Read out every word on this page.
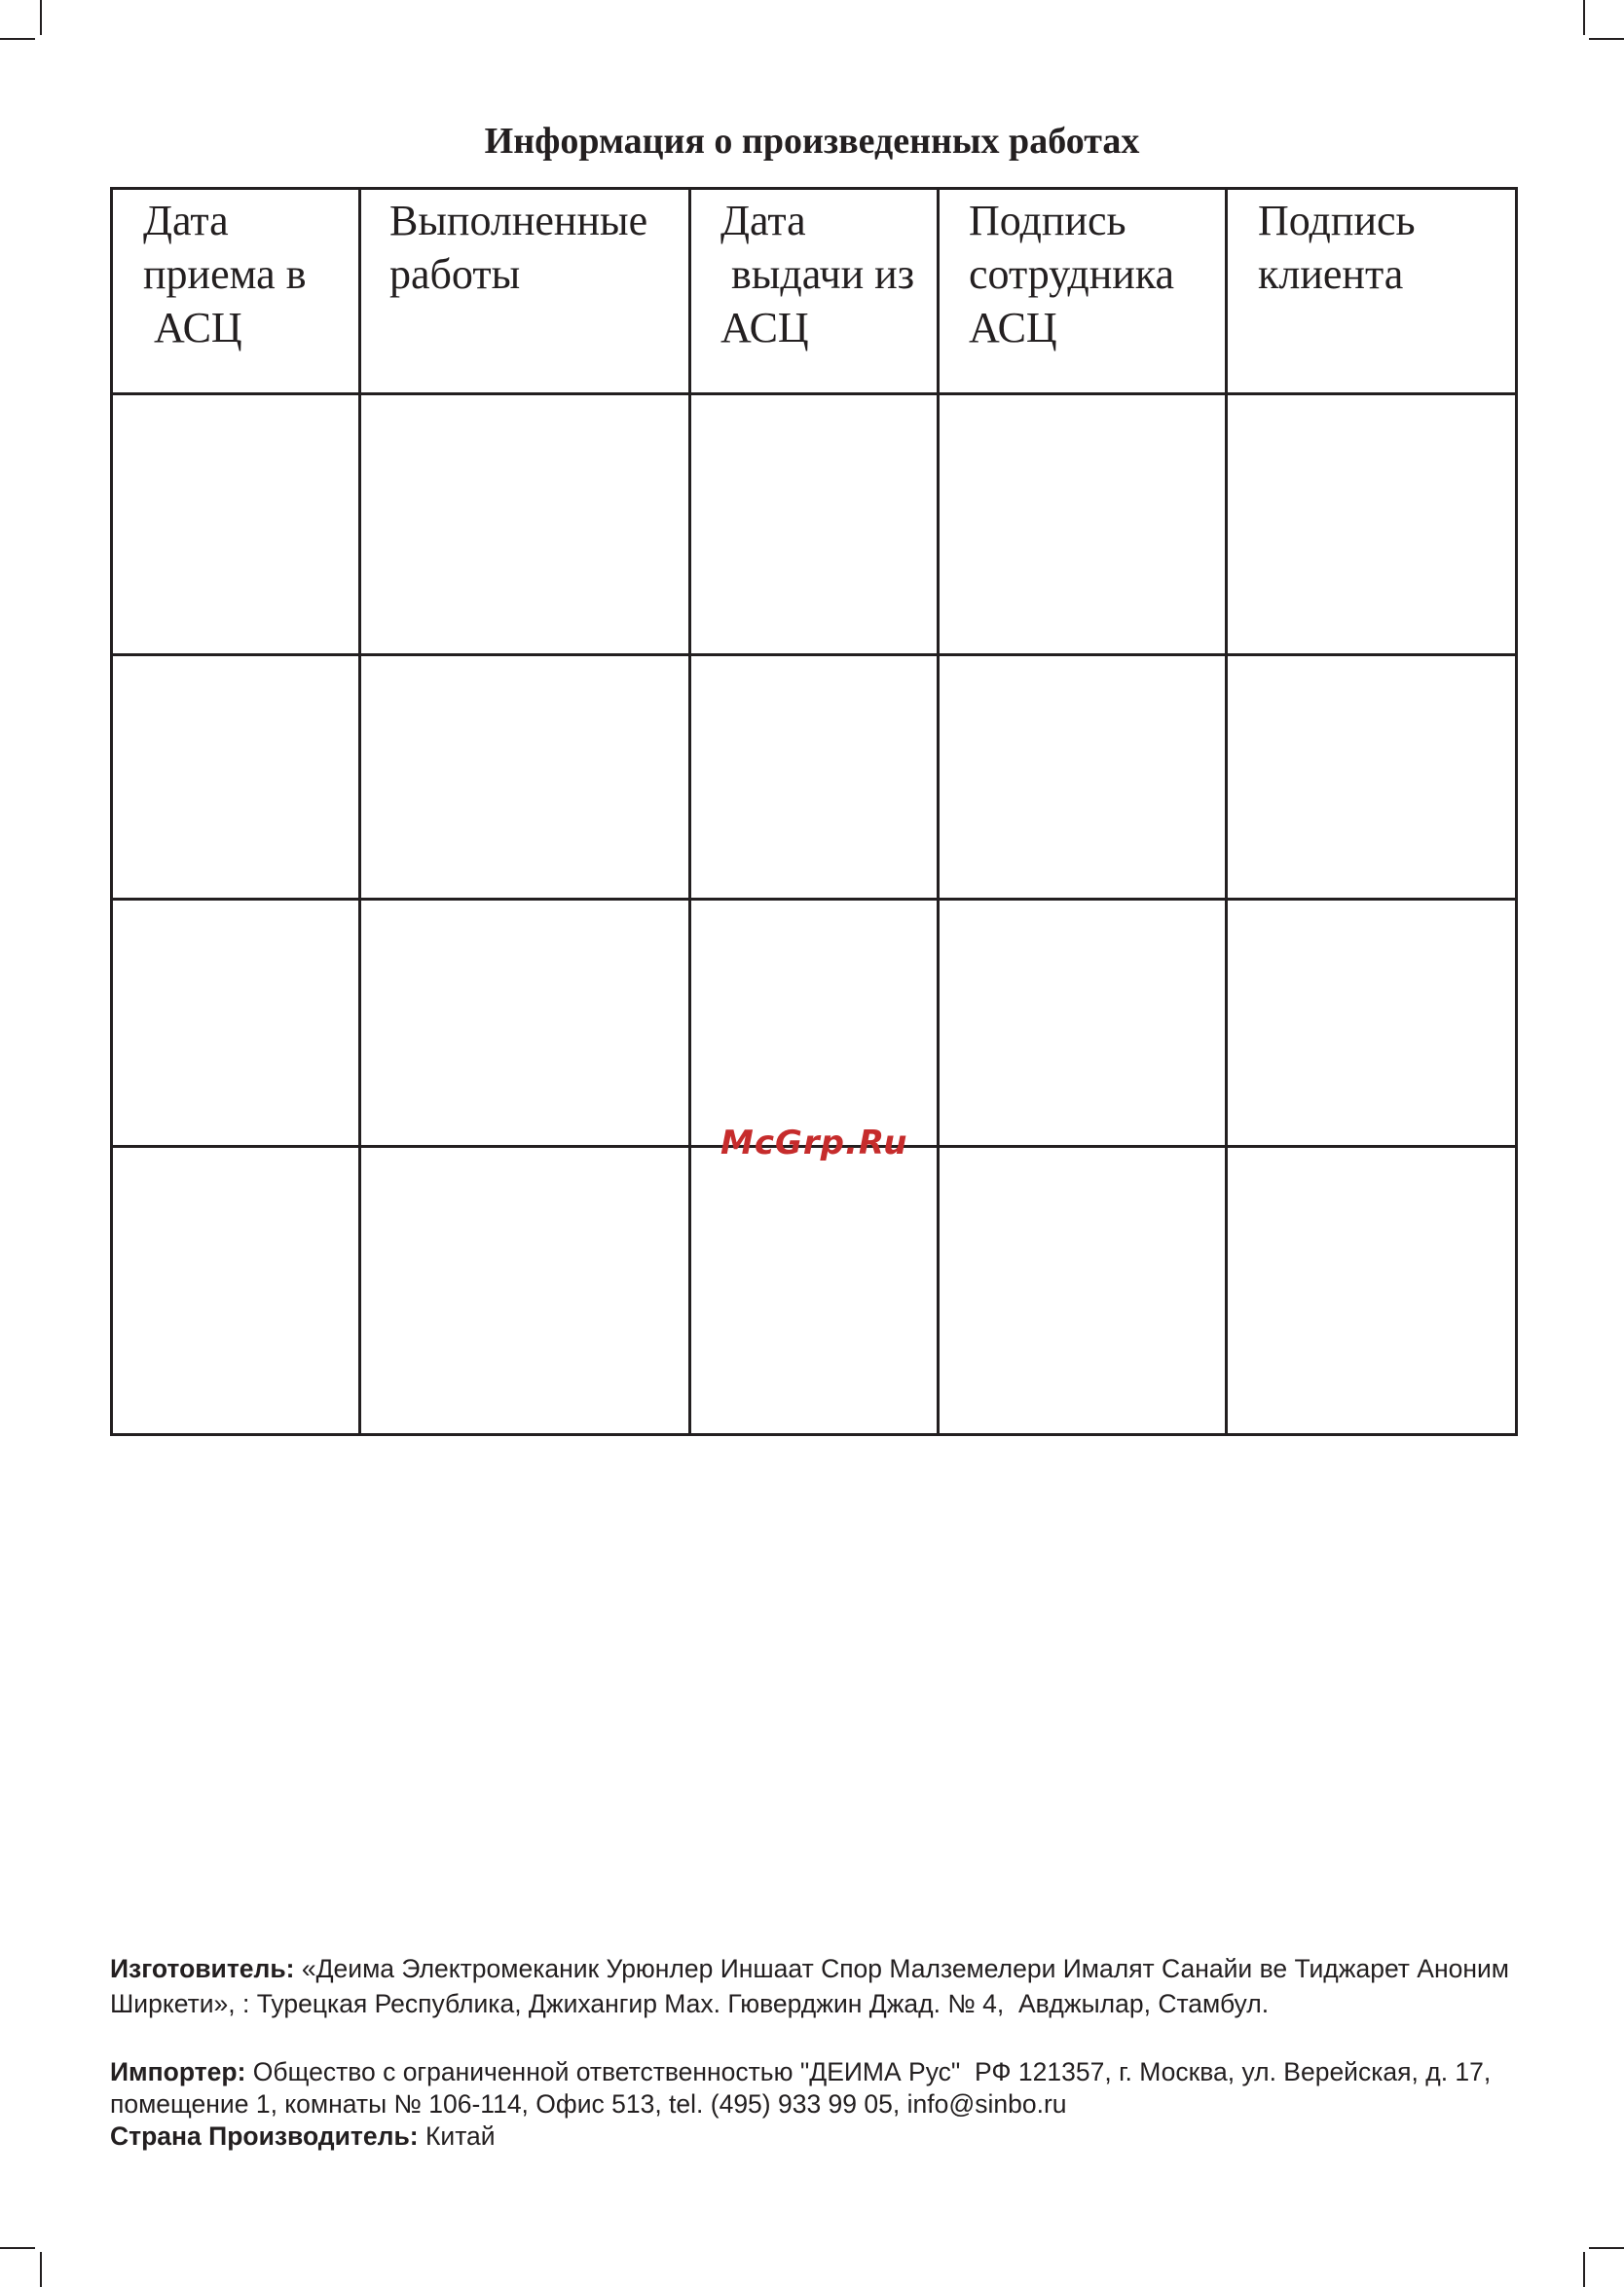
Информация о произведенных работах
Дата
приема в
АСЦ	Выполненные
работы	Дата
выдачи из
АСЦ	Подпись
сотрудника
АСЦ	Подпись
клиента

McGrp.Ru
Изготовитель: «Деима Электромеканик Урюнлер Иншаат Спор Малземелери Ималят Санайи ве Тиджарет Аноним
Ширкети», : Турецкая Республика, Джихангир Мах. Гюверджин Джад. № 4,  Авджылар, Стамбул.
Импортер: Общество с ограниченной ответственностью "ДЕИМА Рус"  РФ 121357, г. Москва, ул. Верейская, д. 17,
помещение 1, комнаты № 106-114, Офис 513, tel. (495) 933 99 05, info@sinbo.ru
Страна Производитель: Китай
